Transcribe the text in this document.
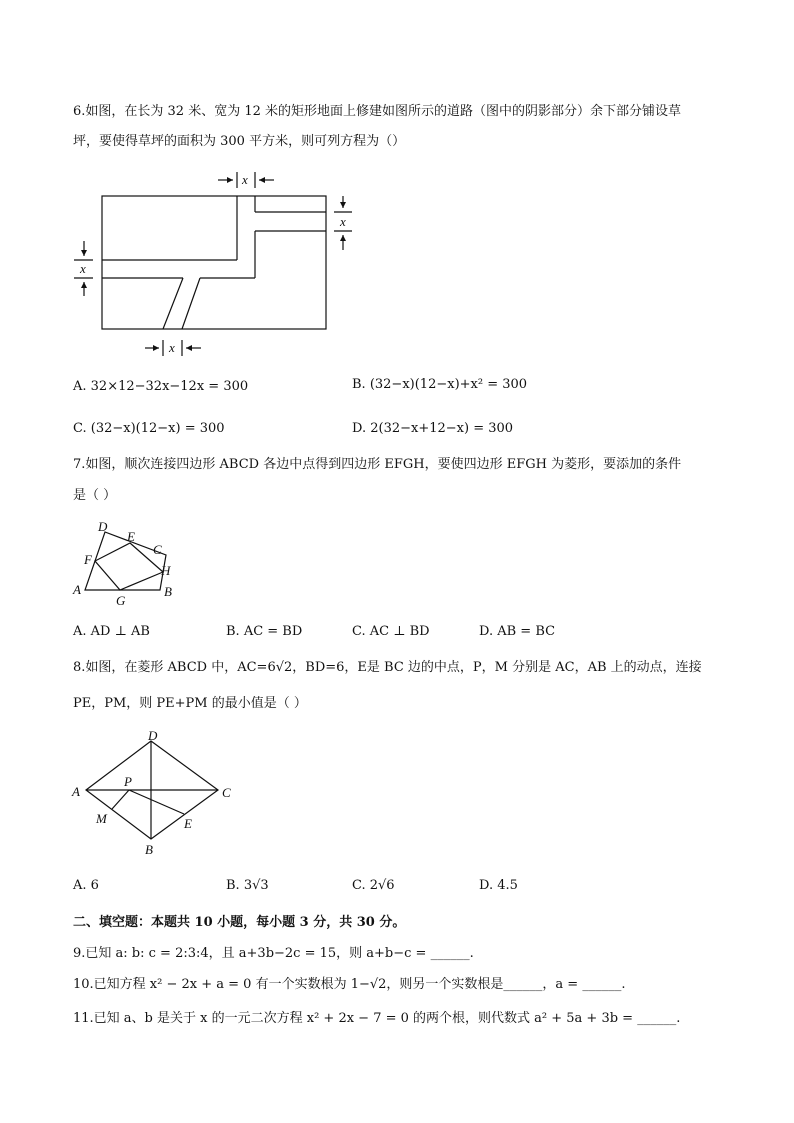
6.如图，在长为 32 米、宽为 12 米的矩形地面上修建如图所示的道路（图中的阴影部分）余下部分铺设草
坪，要使得草坪的面积为 300 平方米，则可列方程为（）
x
x
x
x
A. 32×12−32x−12x = 300	B. (32−x)(12−x)+x² = 300
C. (32−x)(12−x) = 300	D. 2(32−x+12−x) = 300
7.如图，顺次连接四边形 ABCD 各边中点得到四边形 EFGH，要使四边形 EFGH 为菱形，要添加的条件
是（ ）
D
E
C
F
H
A	B
G
A. AD ⊥ AB	B. AC = BD	C. AC ⊥ BD	D. AB = BC
8.如图，在菱形 ABCD 中，AC=6√2，BD=6，E是 BC 边的中点，P，M 分别是 AC，AB 上的动点，连接
PE，PM，则 PE+PM 的最小值是（ ）
D
A
P
C
M	E
B
A. 6	B. 3√3	C. 2√6	D. 4.5
二、填空题：本题共 10 小题，每小题 3 分，共 30 分。
9.已知 a: b: c = 2:3:4，且 a+3b−2c = 15，则 a+b−c = ______.
10.已知方程 x² − 2x + a = 0 有一个实数根为 1−√2，则另一个实数根是______，a = ______.
11.已知 a、b 是关于 x 的一元二次方程 x² + 2x − 7 = 0 的两个根，则代数式 a² + 5a + 3b = ______.
